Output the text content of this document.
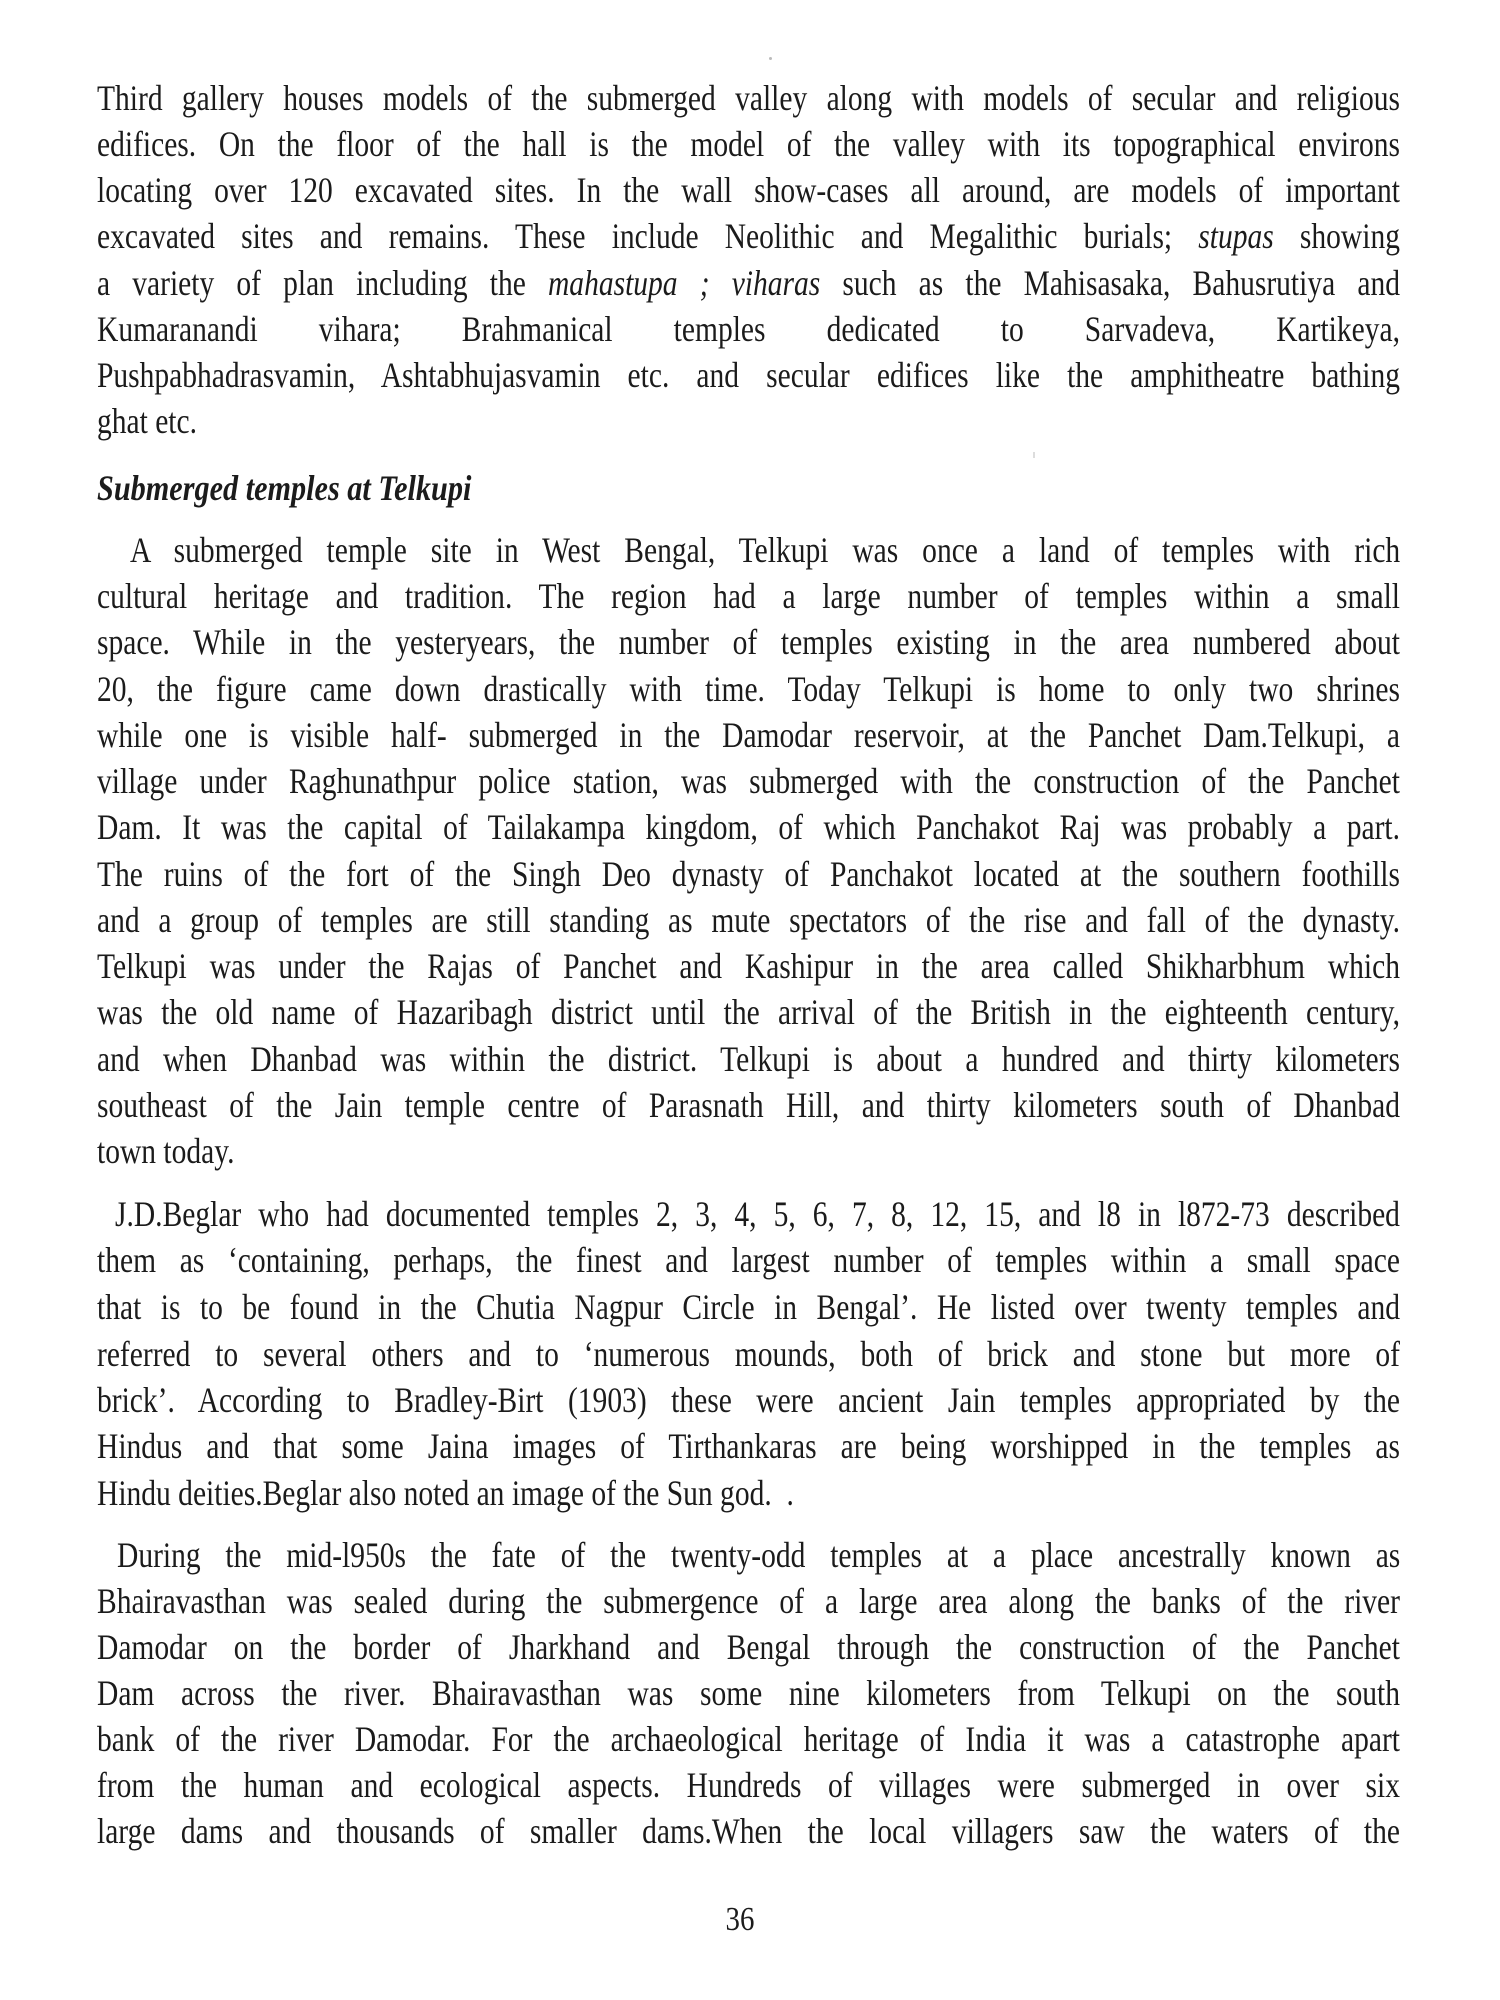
Third gallery houses models of the submerged valley along with models of secular and religious
edifices. On the floor of the hall is the model of the valley with its topographical environs
locating over 120 excavated sites. In the wall show-cases all around, are models of important
excavated sites and remains. These include Neolithic and Megalithic burials; stupas showing
a variety of plan including the mahastupa ; viharas such as the Mahisasaka, Bahusrutiya and
Kumaranandi vihara; Brahmanical temples dedicated to Sarvadeva, Kartikeya,
Pushpabhadrasvamin, Ashtabhujasvamin etc. and secular edifices like the amphitheatre bathing
ghat etc.
Submerged temples at Telkupi
A submerged temple site in West Bengal, Telkupi was once a land of temples with rich
cultural heritage and tradition. The region had a large number of temples within a small
space. While in the yesteryears, the number of temples existing in the area numbered about
20, the figure came down drastically with time. Today Telkupi is home to only two shrines
while one is visible half- submerged in the Damodar reservoir, at the Panchet Dam.Telkupi, a
village under Raghunathpur police station, was submerged with the construction of the Panchet
Dam. It was the capital of Tailakampa kingdom, of which Panchakot Raj was probably a part.
The ruins of the fort of the Singh Deo dynasty of Panchakot located at the southern foothills
and a group of temples are still standing as mute spectators of the rise and fall of the dynasty.
Telkupi was under the Rajas of Panchet and Kashipur in the area called Shikharbhum which
was the old name of Hazaribagh district until the arrival of the British in the eighteenth century,
and when Dhanbad was within the district. Telkupi is about a hundred and thirty kilometers
southeast of the Jain temple centre of Parasnath Hill, and thirty kilometers south of Dhanbad
town today.
J.D.Beglar who had documented temples 2, 3, 4, 5, 6, 7, 8, 12, 15, and l8 in l872-73 described
them as ‘containing, perhaps, the finest and largest number of temples within a small space
that is to be found in the Chutia Nagpur Circle in Bengal’. He listed over twenty temples and
referred to several others and to ‘numerous mounds, both of brick and stone but more of
brick’. According to Bradley-Birt (1903) these were ancient Jain temples appropriated by the
Hindus and that some Jaina images of Tirthankaras are being worshipped in the temples as
Hindu deities.Beglar also noted an image of the Sun god.  .
During the mid-l950s the fate of the twenty-odd temples at a place ancestrally known as
Bhairavasthan was sealed during the submergence of a large area along the banks of the river
Damodar on the border of Jharkhand and Bengal through the construction of the Panchet
Dam across the river. Bhairavasthan was some nine kilometers from Telkupi on the south
bank of the river Damodar. For the archaeological heritage of India it was a catastrophe apart
from the human and ecological aspects. Hundreds of villages were submerged in over six
large dams and thousands of smaller dams.When the local villagers saw the waters of the
36
